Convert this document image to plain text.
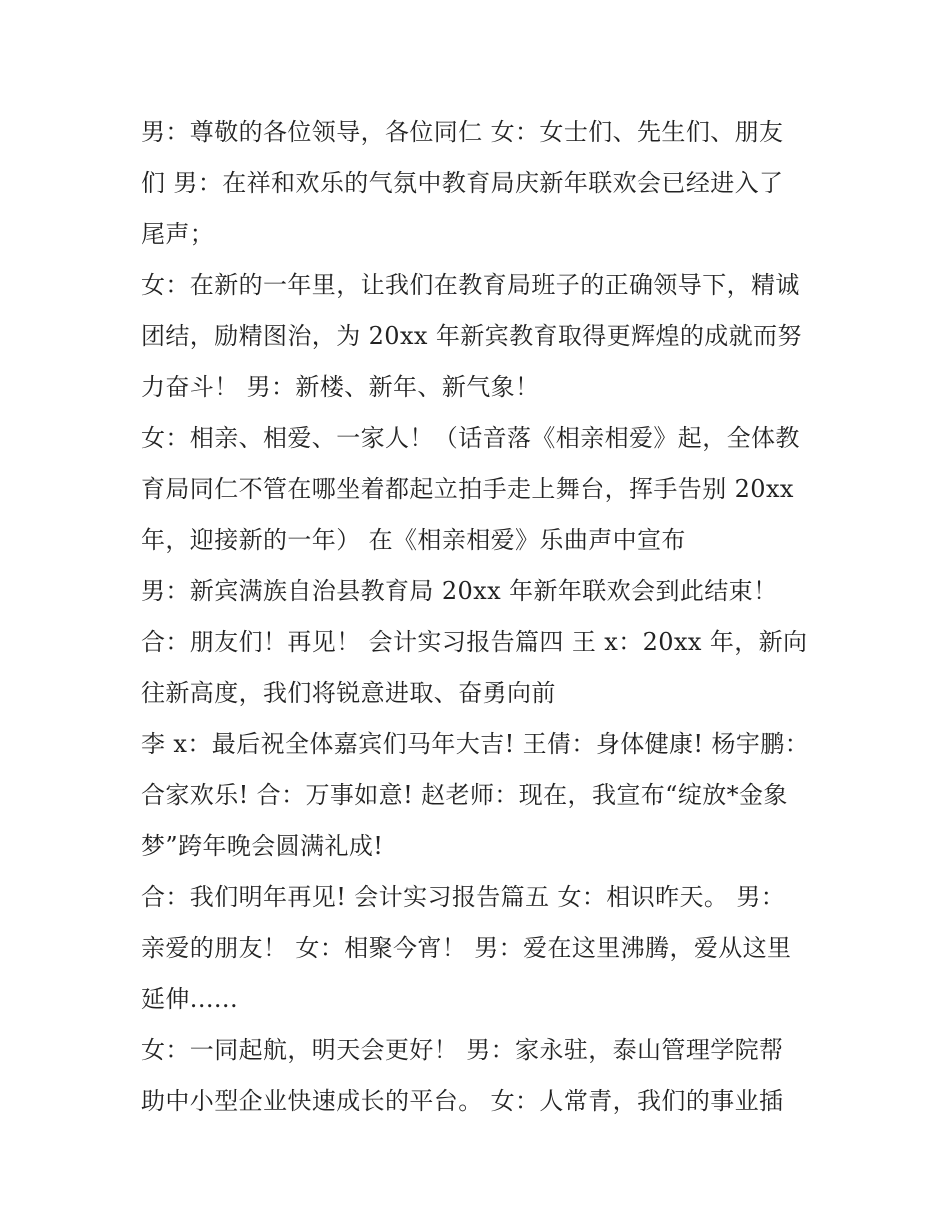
男：尊敬的各位领导，各位同仁 女：女士们、先生们、朋友
们 男：在祥和欢乐的气氛中教育局庆新年联欢会已经进入了
尾声；
女：在新的一年里，让我们在教育局班子的正确领导下，精诚
团结，励精图治，为 20xx 年新宾教育取得更辉煌的成就而努
力奋斗！ 男：新楼、新年、新气象！
女：相亲、相爱、一家人！（话音落《相亲相爱》起，全体教
育局同仁不管在哪坐着都起立拍手走上舞台，挥手告别 20xx
年，迎接新的一年） 在《相亲相爱》乐曲声中宣布
男：新宾满族自治县教育局 20xx 年新年联欢会到此结束！
合：朋友们！再见！ 会计实习报告篇四 王 x：20xx 年，新向
往新高度，我们将锐意进取、奋勇向前
李 x：最后祝全体嘉宾们马年大吉! 王倩：身体健康! 杨宇鹏：
合家欢乐! 合：万事如意! 赵老师：现在，我宣布“绽放*金象
梦”跨年晚会圆满礼成!
合：我们明年再见! 会计实习报告篇五 女：相识昨天。 男：
亲爱的朋友！ 女：相聚今宵！ 男：爱在这里沸腾，爱从这里
延伸......
女：一同起航，明天会更好！ 男：家永驻，泰山管理学院帮
助中小型企业快速成长的平台。 女：人常青，我们的事业插
